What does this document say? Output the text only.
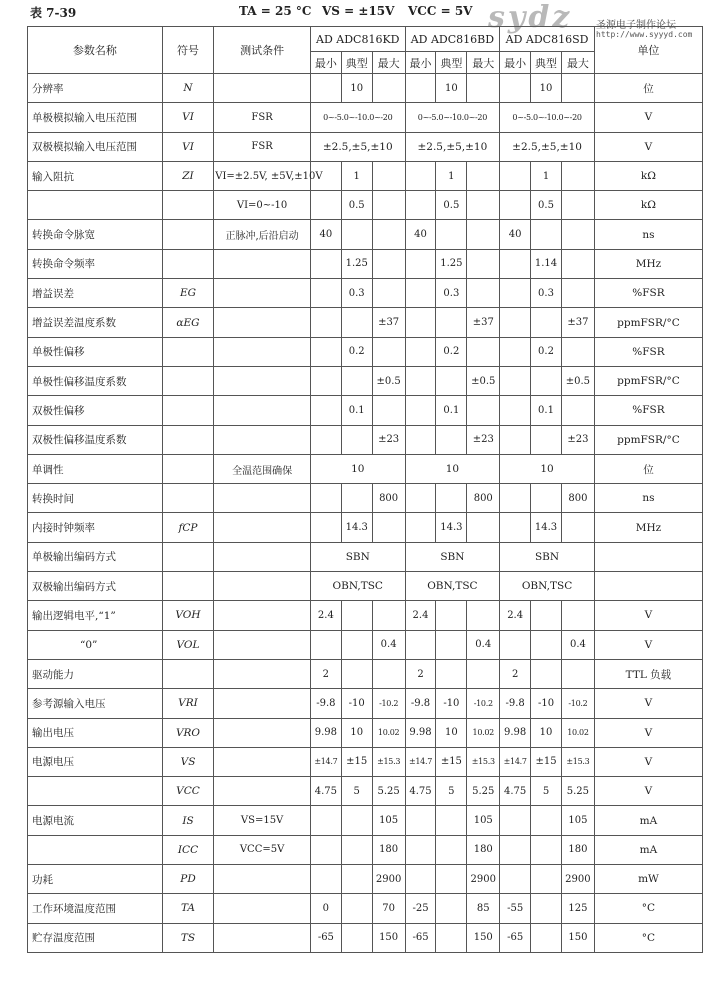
表 7-39	TA = 25 °C VS = ±15V VCC = 5V sydz 圣源电子制作论坛
http://www.syyyd.com
参数名称	符号	测试条件	AD ADC816KD			AD ADC816BD			AD ADC816SD			单位
			最小	典型	最大	最小	典型	最大	最小	典型	最大	
分辨率	N			10			10			10		位
单极模拟输入电压范围	VI	FSR	0~-5.0~-10.0~-20			0~-5.0~-10.0~-20			0~-5.0~-10.0~-20			V
双极模拟输入电压范围	VI	FSR	±2.5,±5,±10			±2.5,±5,±10			±2.5,±5,±10			V
输入阻抗	ZI	VI=±2.5V, ±5V,±10V		1			1			1		kΩ
		VI=0~-10		0.5			0.5			0.5		kΩ
转换命令脉宽		正脉冲,后沿启动	40			40			40			ns
转换命令频率				1.25			1.25			1.14		MHz
增益误差	EG			0.3			0.3			0.3		%FSR
增益误差温度系数	αEG				±37			±37			±37	ppmFSR/°C
单极性偏移				0.2			0.2			0.2		%FSR
单极性偏移温度系数					±0.5			±0.5			±0.5	ppmFSR/°C
双极性偏移				0.1			0.1			0.1		%FSR
双极性偏移温度系数					±23			±23			±23	ppmFSR/°C
单调性		全温范围确保	10			10			10			位
转换时间					800			800			800	ns
内接时钟频率	fCP			14.3			14.3			14.3		MHz
单极输出编码方式			SBN			SBN			SBN			
双极输出编码方式			OBN,TSC			OBN,TSC			OBN,TSC			
输出逻辑电平,“1”	VOH		2.4			2.4			2.4			V
“0”	VOL				0.4			0.4			0.4	V
驱动能力			2			2			2			TTL 负载
参考源输入电压	VRI		-9.8	-10	-10.2	-9.8	-10	-10.2	-9.8	-10	-10.2	V
输出电压	VRO		9.98	10	10.02	9.98	10	10.02	9.98	10	10.02	V
电源电压	VS		±14.7	±15	±15.3	±14.7	±15	±15.3	±14.7	±15	±15.3	V
	VCC		4.75	5	5.25	4.75	5	5.25	4.75	5	5.25	V
电源电流	IS	VS=15V			105			105			105	mA
	ICC	VCC=5V			180			180			180	mA
功耗	PD				2900			2900			2900	mW
工作环境温度范围	TA		0		70	-25		85	-55		125	°C
贮存温度范围	TS		-65		150	-65		150	-65		150	°C
